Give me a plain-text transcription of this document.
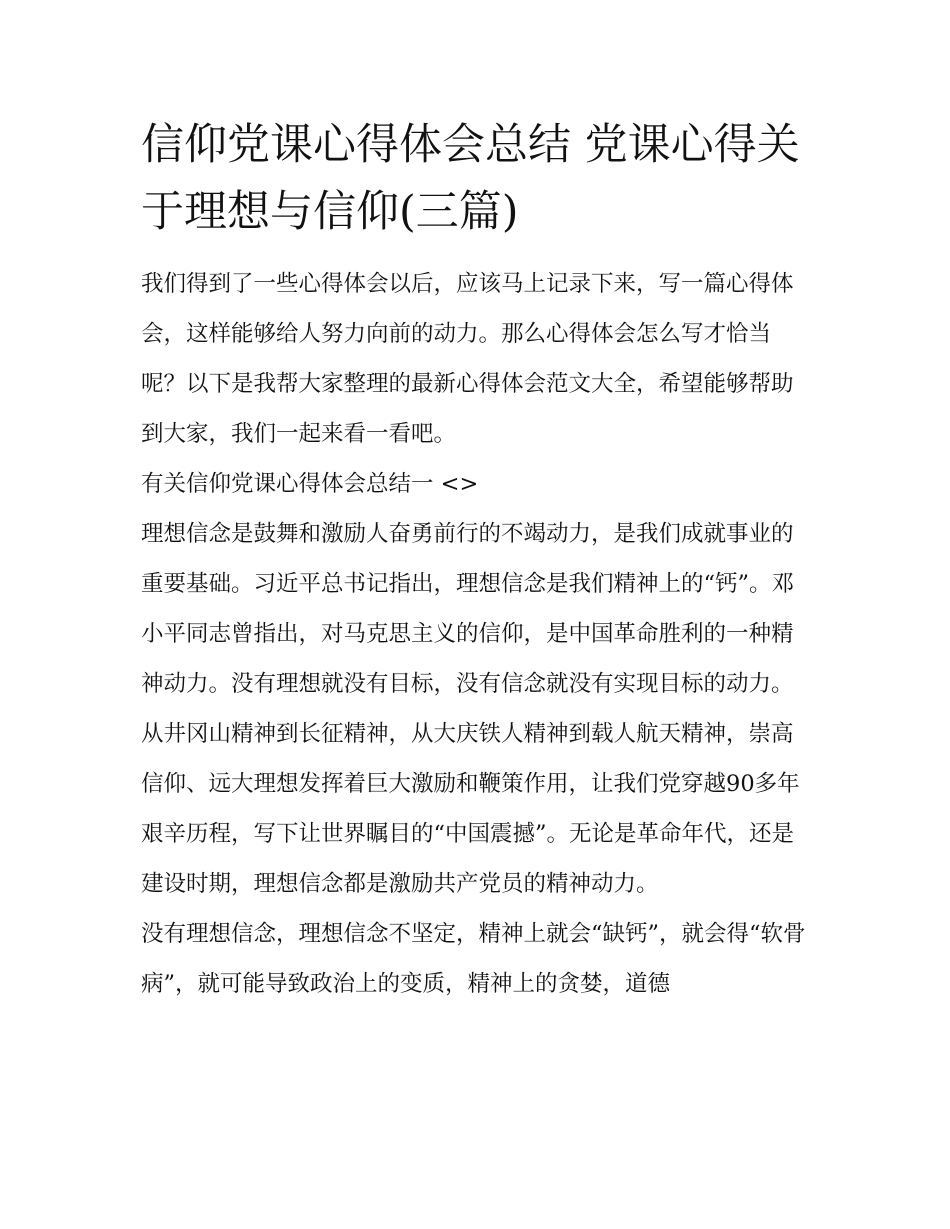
信仰党课心得体会总结 党课心得关于理想与信仰(三篇)

我们得到了一些心得体会以后，应该马上记录下来，写一篇心得体会，这样能够给人努力向前的动力。那么心得体会怎么写才恰当呢？以下是我帮大家整理的最新心得体会范文大全，希望能够帮助到大家，我们一起来看一看吧。

有关信仰党课心得体会总结一 <>

理想信念是鼓舞和激励人奋勇前行的不竭动力，是我们成就事业的重要基础。习近平总书记指出，理想信念是我们精神上的“钙”。邓小平同志曾指出，对马克思主义的信仰，是中国革命胜利的一种精神动力。没有理想就没有目标，没有信念就没有实现目标的动力。从井冈山精神到长征精神，从大庆铁人精神到载人航天精神，崇高信仰、远大理想发挥着巨大激励和鞭策作用，让我们党穿越90多年艰辛历程，写下让世界瞩目的“中国震撼”。无论是革命年代，还是建设时期，理想信念都是激励共产党员的精神动力。

没有理想信念，理想信念不坚定，精神上就会“缺钙”，就会得“软骨病”，就可能导致政治上的变质，精神上的贪婪，道德
